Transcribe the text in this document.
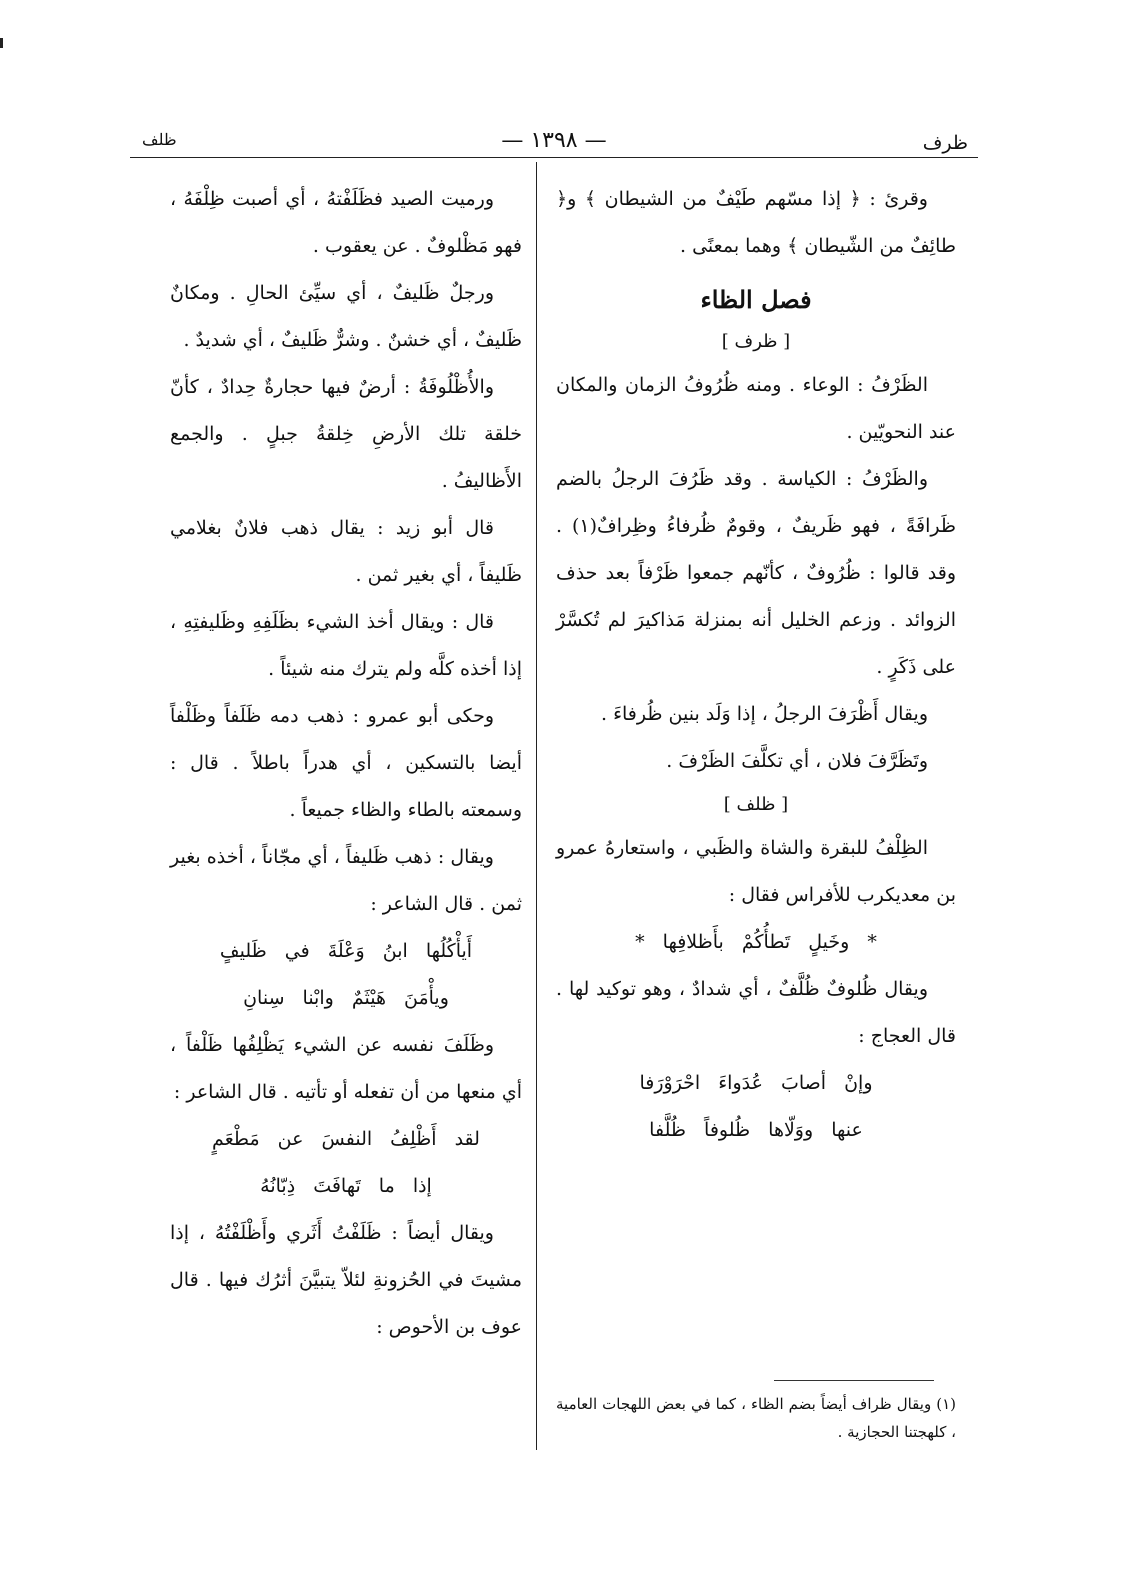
ظرف
— ١٣٩٨ —
ظلف

وقرئ : ﴿ إذا مسّهم طَيْفٌ من الشيطان ﴾ و﴿ طائِفٌ من الشّيطان ﴾ وهما بمعنًى .

فصل الظاء

[ ظرف ]

الظَرْفُ : الوعاء . ومنه ظُرُوفُ الزمان والمكان عند النحويّين .

والظَرْفُ : الكياسة . وقد ظَرُفَ الرجلُ بالضم ظَرافَةً ، فهو ظَريفٌ ، وقومٌ ظُرفاءُ وظِرافٌ(١) . وقد قالوا : ظُرُوفٌ ، كأنّهم جمعوا ظَرْفاً بعد حذف الزوائد . وزعم الخليل أنه بمنزلة مَذاكيرَ لم تُكسَّرْ على ذَكَرٍ .

ويقال أَظْرَفَ الرجلُ ، إذا وَلَد بنين ظُرفاءَ .

وتَظَرَّفَ فلان ، أي تكلَّفَ الظَرْفَ .

[ ظلف ]

الظِلْفُ للبقرة والشاة والظَبي ، واستعارهُ عمرو بن معديكرب للأفراس فقال :

* وخَيلٍ تَطأُكُمْ بأَظلافِها *

ويقال ظُلوفٌ ظُلَّفٌ ، أي شدادٌ ، وهو توكيد لها . قال العجاج :

وإنْ أصابَ عُدَواءَ احْرَوْرَفا

عنها ووَلّاها ظُلوفاً ظُلَّفا

ورميت الصيد فظَلَفْتهُ ، أي أصبت ظِلْفَهُ ، فهو مَظْلوفٌ . عن يعقوب .

ورجلٌ ظَليفٌ ، أي سيِّئ الحالِ . ومكانٌ ظَليفٌ ، أي خشنٌ . وشرٌّ ظَليفٌ ، أي شديدٌ .

والأُظْلُوفَةُ : أرضٌ فيها حجارةٌ حِدادٌ ، كأنّ خلقة تلك الأرضِ خِلقةُ جبلٍ . والجمع الأَظاليفُ .

قال أبو زيد : يقال ذهب فلانٌ بغلامي ظَليفاً ، أي بغير ثمن .

قال : ويقال أخذ الشيء بظَلَفِهِ وظَليفتِهِ ، إذا أخذه كلَّه ولم يترك منه شيئاً .

وحكى أبو عمرو : ذهب دمه ظَلَفاً وظَلْفاً أيضا بالتسكين ، أي هدراً باطلاً . قال : وسمعته بالطاء والظاء جميعاً .

ويقال : ذهب ظَليفاً ، أي مجّاناً ، أخذه بغير ثمن . قال الشاعر :

أَيأْكُلُها ابنُ وَعْلَةَ في ظَليفٍ

ويأْمَنَ هَيْثَمٌ وابْنا سِنانِ

وظَلَفَ نفسه عن الشيء يَظْلِفُها ظَلْفاً ، أي منعها من أن تفعله أو تأتيه . قال الشاعر :

لقد أَظْلِفُ النفسَ عن مَطْعَمٍ

إذا ما تَهافَتَ ذِبّانُهُ

ويقال أيضاً : ظَلَفْتُ أَثَري وأَظْلَفْتُهُ ، إذا مشيتَ في الحُزونةِ لئلاّ يتبيَّنَ أثرُك فيها . قال عوف بن الأحوص :

(١) ويقال ظراف أيضاً بضم الظاء ، كما في بعض اللهجات العامية ، كلهجتنا الحجازية .
